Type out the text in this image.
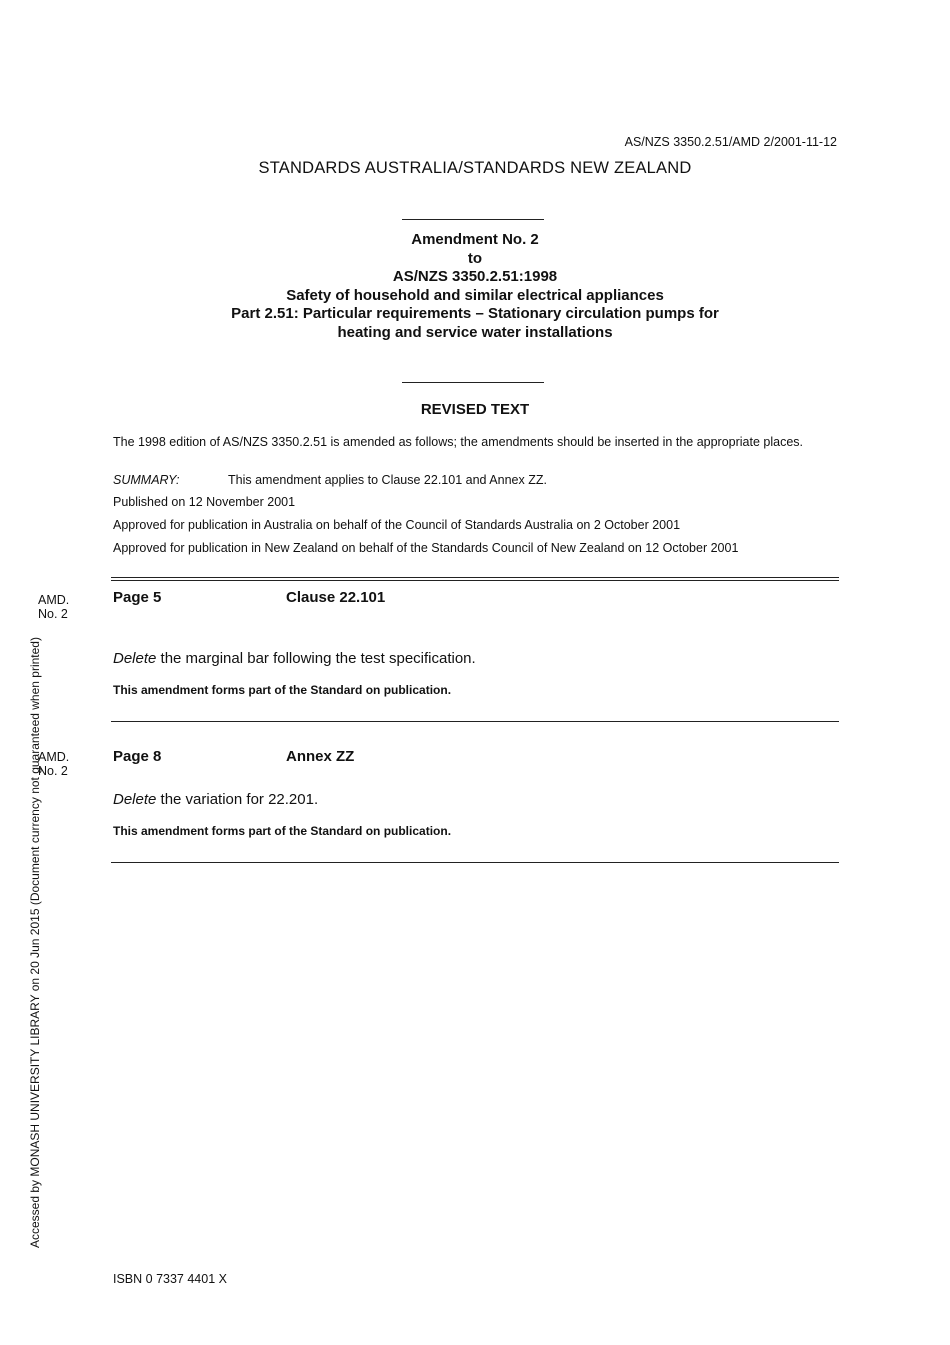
AS/NZS 3350.2.51/AMD 2/2001-11-12
STANDARDS AUSTRALIA/STANDARDS NEW ZEALAND
Amendment No. 2
to
AS/NZS 3350.2.51:1998
Safety of household and similar electrical appliances
Part 2.51: Particular requirements – Stationary circulation pumps for
heating and service water installations
REVISED TEXT
The 1998 edition of AS/NZS 3350.2.51 is amended as follows; the amendments should be inserted in the appropriate places.
SUMMARY:	This amendment applies to Clause 22.101 and Annex ZZ.
Published on 12 November 2001
Approved for publication in Australia on behalf of the Council of Standards Australia on 2 October 2001
Approved for publication in New Zealand on behalf of the Standards Council of New Zealand on 12 October 2001
AMD.
No. 2
Page 5	Clause 22.101
Delete the marginal bar following the test specification.
This amendment forms part of the Standard on publication.
AMD.
No. 2
Page 8	Annex ZZ
Delete the variation for 22.201.
This amendment forms part of the Standard on publication.
Accessed by MONASH UNIVERSITY LIBRARY on 20 Jun 2015 (Document currency not guaranteed when printed)
ISBN 0 7337 4401 X
